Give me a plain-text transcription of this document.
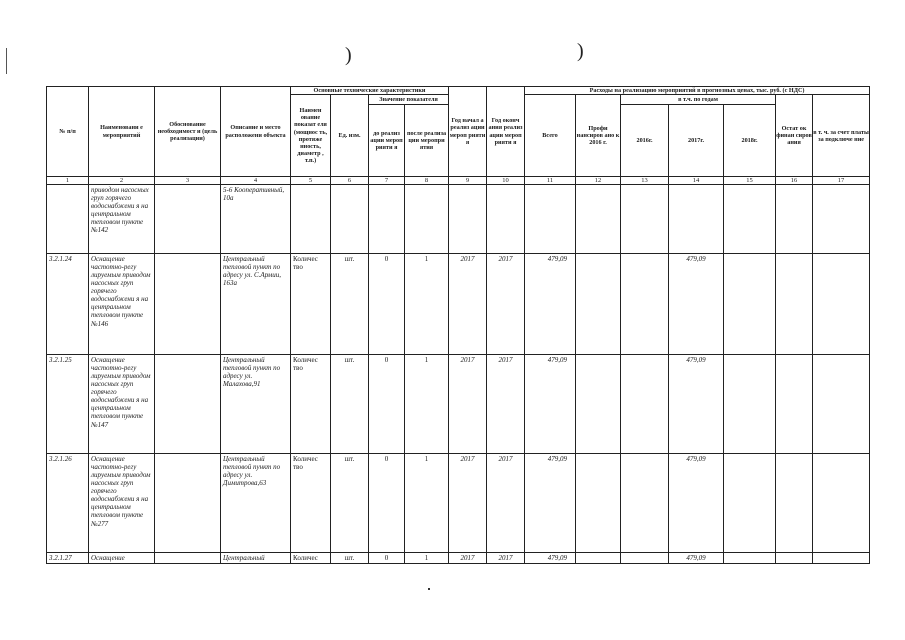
)	)
№ п/п	Наименовани е мероприятий	Обоснование необходимост и (цель реализации)	Описание и место расположени объекта	Основные технические характеристики				Год начал а реализ ации мероп рияти я	Год оконч ания реализ ации мероп рияти я	Расходы на реализацию мероприятий в прогнозных ценах, тыс. руб. (с НДС)						
				Наимен ование показат еля (мощнос ть, протяже нность, диаметр , т.п.)	Ед. изм.	Значение показателя				Всего	Профи нансиров ано к 2016 г.	в т.ч. по годам			Остат ок финан сиров ания	в т. ч. за счет платы за подключе ние
						до реализ ации мероп рияти я	после реализа ции меропри ятия					2016г.	2017г.	2018г.		
1	2	3	4	5	6	7	8	9	10	11	12	13	14	15	16	17

	приводом насосных груп горячего водоснабжени я на центральном тепловом пункте №142		5-6 Кооперативный, 10а													

3.2.1.24	Оснащение частотно-регу лируемым приводом насосных груп горячего водоснабжени я на центральном тепловом пункте №146		Центральный тепловой пункт по адресу ул. С.Армии, 163а	Количес тво	шт.	0	1	2017	2017	479,09			479,09			

3.2.1.25	Оснащение частотно-регу лируемым приводом насосных груп горячего водоснабжени я на центральном тепловом пункте №147		Центральный тепловой пункт по адресу ул. Малахова,91	Количес тво	шт.	0	1	2017	2017	479,09			479,09			

3.2.1.26	Оснащение частотно-регу лируемым приводом насосных груп горячего водоснабжени я на центральном тепловом пункте №277		Центральный тепловой пункт по адресу ул. Димитрова,63	Количес тво	шт.	0	1	2017	2017	479,09			479,09			

3.2.1.27	Оснащение		Центральный	Количес	шт.	0	1	2017	2017	479,09			479,09			
